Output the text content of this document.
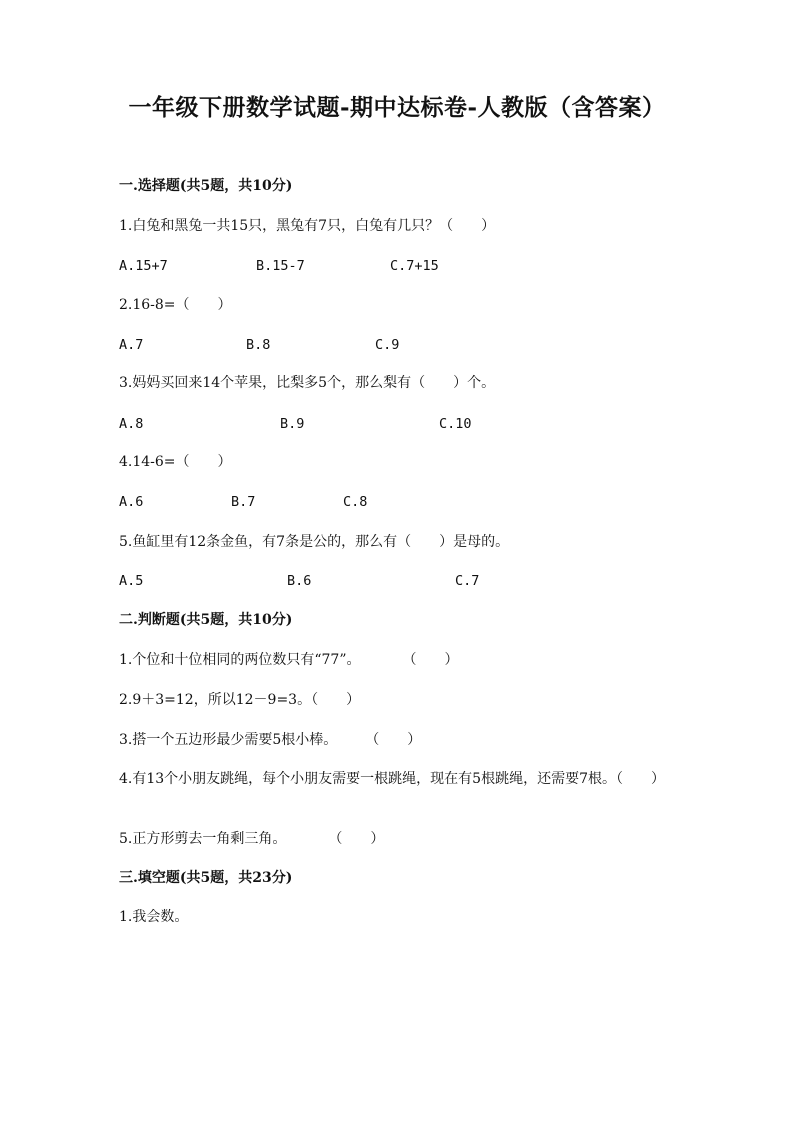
一年级下册数学试题-期中达标卷-人教版（含答案）
一.选择题(共5题，共10分)
1.白兔和黑兔一共15只，黑兔有7只，白兔有几只？（　　）
A.15+7	B.15-7	C.7+15
2.16-8=（　　）
A.7	B.8	C.9
3.妈妈买回来14个苹果，比梨多5个，那么梨有（　　）个。
A.8	B.9	C.10
4.14-6=（　　）
A.6	B.7	C.8
5.鱼缸里有12条金鱼，有7条是公的，那么有（　　）是母的。
A.5	B.6	C.7
二.判断题(共5题，共10分)
1.个位和十位相同的两位数只有“77”。　　　　（　　）
2.9＋3=12，所以12－9=3。（　　）
3.搭一个五边形最少需要5根小棒。　　　（　　）
4.有13个小朋友跳绳，每个小朋友需要一根跳绳，现在有5根跳绳，还需要7根。（　　）
5.正方形剪去一角剩三角。　　　　（　　）
三.填空题(共5题，共23分)
1.我会数。
